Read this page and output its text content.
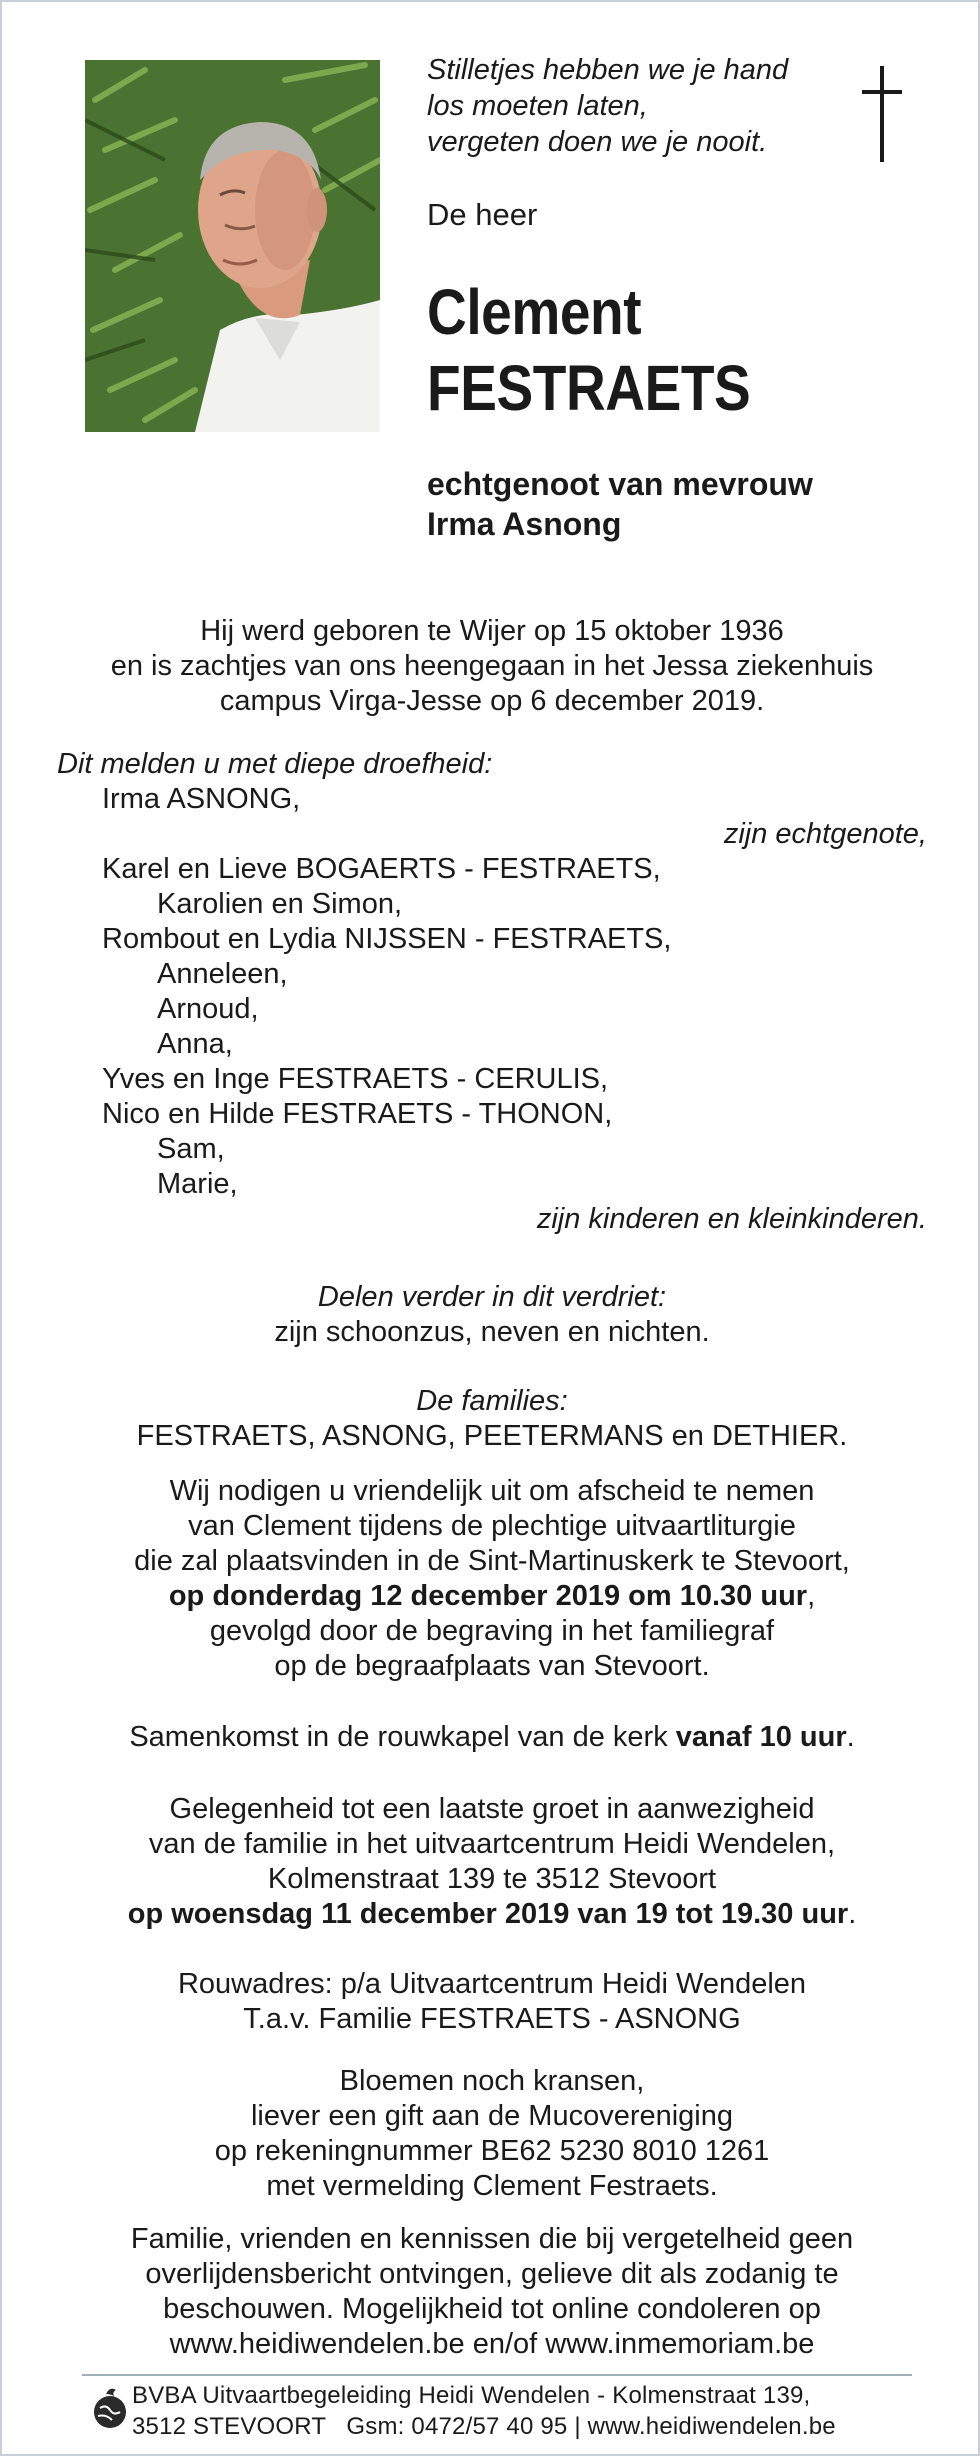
Stilletjes hebben we je hand
los moeten laten,
vergeten doen we je nooit.
De heer
Clement
FESTRAETS
echtgenoot van mevrouw
Irma Asnong
Hij werd geboren te Wijer op 15 oktober 1936
en is zachtjes van ons heengegaan in het Jessa ziekenhuis
campus Virga-Jesse op 6 december 2019.
Dit melden u met diepe droefheid:
Irma ASNONG,
zijn echtgenote,
Karel en Lieve BOGAERTS - FESTRAETS,
Karolien en Simon,
Rombout en Lydia NIJSSEN - FESTRAETS,
Anneleen,
Arnoud,
Anna,
Yves en Inge FESTRAETS - CERULIS,
Nico en Hilde FESTRAETS - THONON,
Sam,
Marie,
zijn kinderen en kleinkinderen.
Delen verder in dit verdriet:
zijn schoonzus, neven en nichten.
De families:
FESTRAETS, ASNONG, PEETERMANS en DETHIER.
Wij nodigen u vriendelijk uit om afscheid te nemen
van Clement tijdens de plechtige uitvaartliturgie
die zal plaatsvinden in de Sint-Martinuskerk te Stevoort,
op donderdag 12 december 2019 om 10.30 uur,
gevolgd door de begraving in het familiegraf
op de begraafplaats van Stevoort.
Samenkomst in de rouwkapel van de kerk vanaf 10 uur.
Gelegenheid tot een laatste groet in aanwezigheid
van de familie in het uitvaartcentrum Heidi Wendelen,
Kolmenstraat 139 te 3512 Stevoort
op woensdag 11 december 2019 van 19 tot 19.30 uur.
Rouwadres: p/a Uitvaartcentrum Heidi Wendelen
T.a.v. Familie FESTRAETS - ASNONG
Bloemen noch kransen,
liever een gift aan de Mucovereniging
op rekeningnummer BE62 5230 8010 1261
met vermelding Clement Festraets.
Familie, vrienden en kennissen die bij vergetelheid geen
overlijdensbericht ontvingen, gelieve dit als zodanig te
beschouwen. Mogelijkheid tot online condoleren op
www.heidiwendelen.be en/of www.inmemoriam.be
BVBA Uitvaartbegeleiding Heidi Wendelen - Kolmenstraat 139,
3512 STEVOORT   Gsm: 0472/57 40 95 | www.heidiwendelen.be
